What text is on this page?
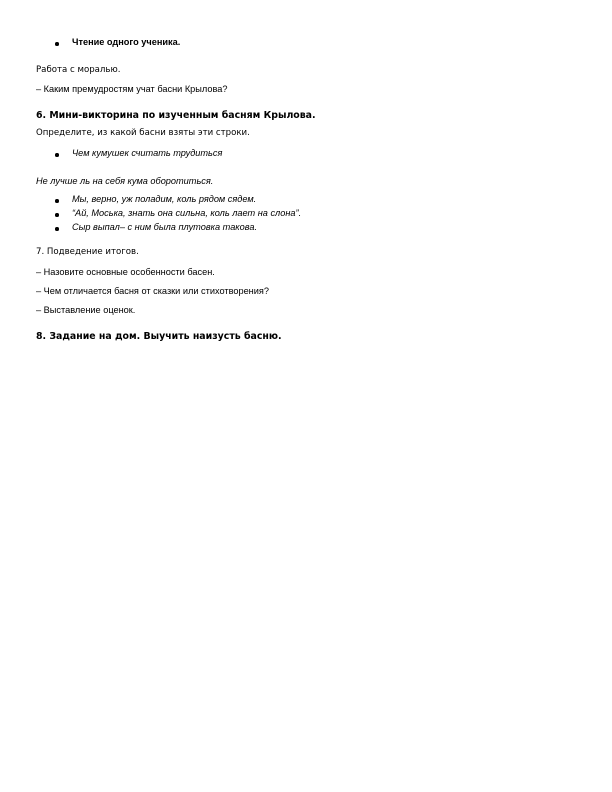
Чтение одного ученика.
Работа с моралью.
– Каким премудростям учат басни Крылова?
6. Мини-викторина по изученным басням Крылова.
Определите, из какой басни взяты эти строки.
Чем кумушек считать трудиться
Не лучше ль на себя кума оборотиться.
Мы, верно, уж поладим, коль рядом сядем.
“Ай, Моська, знать она сильна, коль лает на слона”.
Сыр выпал– с ним была плутовка такова.
7. Подведение итогов.
– Назовите основные особенности басен.
– Чем отличается басня от сказки или стихотворения?
– Выставление оценок.
8. Задание на дом. Выучить наизусть басню.
